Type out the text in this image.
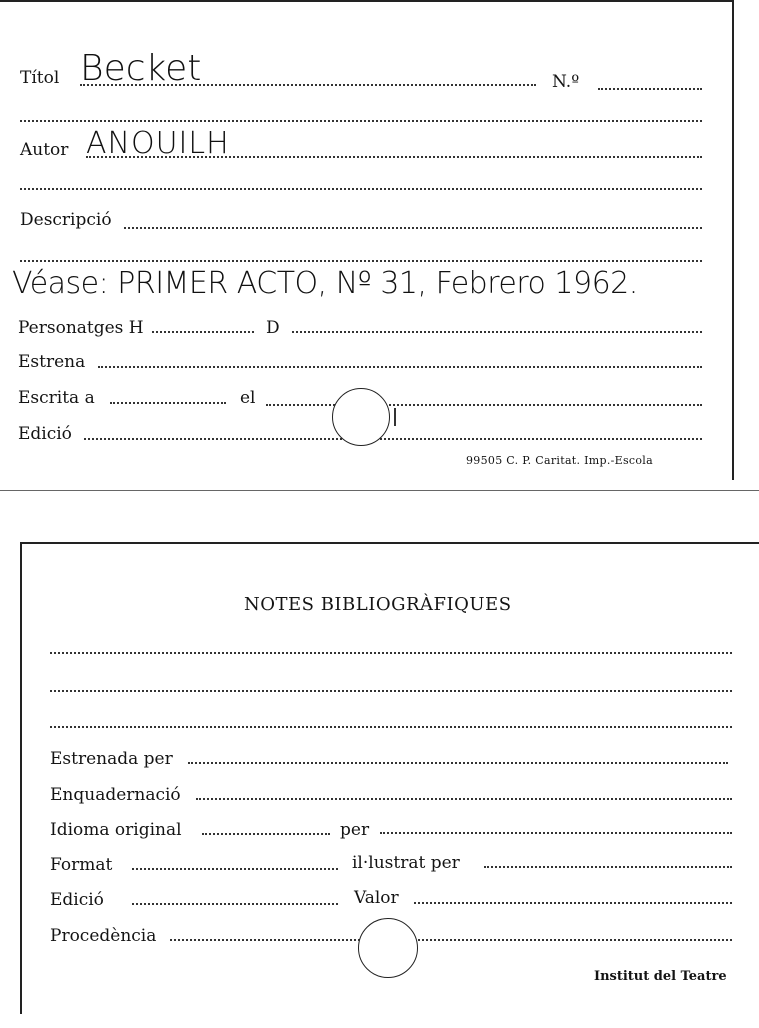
Títol Becket	N.º
Autor ANOUILH
Descripció
Véase: PRIMER ACTO, Nº 31, Febrero 1962.
Personatges H	D
Estrena
Escrita a	el
Edició
99505 C. P. Caritat. Imp.-Escola
NOTES BIBLIOGRÀFIQUES
Estrenada per
Enquadernació
Idioma original	per
Format	il·lustrat per
Edició	Valor
Procedència
Institut del Teatre
